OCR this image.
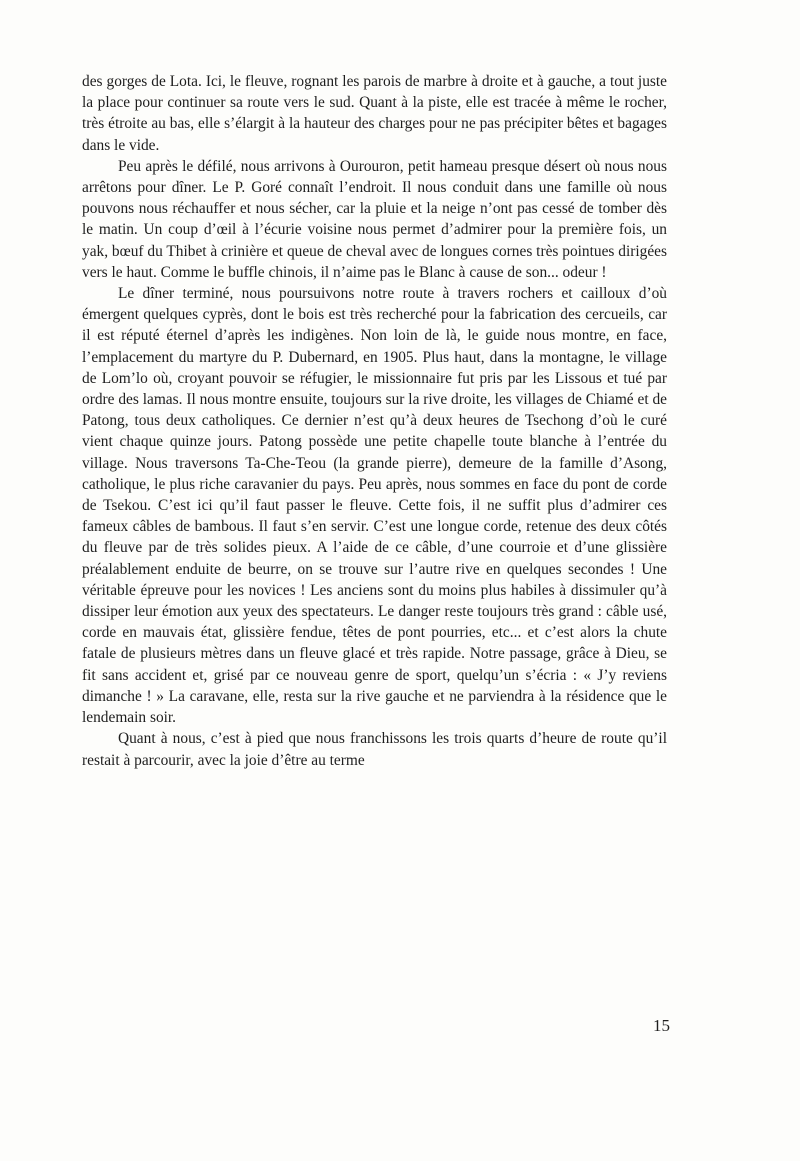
des gorges de Lota. Ici, le fleuve, rognant les parois de marbre à droite et à gauche, a tout juste la place pour continuer sa route vers le sud. Quant à la piste, elle est tracée à même le rocher, très étroite au bas, elle s’élargit à la hauteur des charges pour ne pas précipiter bêtes et bagages dans le vide.

Peu après le défilé, nous arrivons à Ourouron, petit hameau presque désert où nous nous arrêtons pour dîner. Le P. Goré connaît l’endroit. Il nous conduit dans une famille où nous pouvons nous réchauffer et nous sécher, car la pluie et la neige n’ont pas cessé de tomber dès le matin. Un coup d’œil à l’écurie voisine nous permet d’admirer pour la première fois, un yak, bœuf du Thibet à crinière et queue de cheval avec de longues cornes très pointues dirigées vers le haut. Comme le buffle chinois, il n’aime pas le Blanc à cause de son... odeur !

Le dîner terminé, nous poursuivons notre route à travers rochers et cailloux d’où émergent quelques cyprès, dont le bois est très recherché pour la fabrication des cercueils, car il est réputé éternel d’après les indigènes. Non loin de là, le guide nous montre, en face, l’emplacement du martyre du P. Dubernard, en 1905. Plus haut, dans la montagne, le village de Lom’lo où, croyant pouvoir se réfugier, le missionnaire fut pris par les Lissous et tué par ordre des lamas. Il nous montre ensuite, toujours sur la rive droite, les villages de Chiamé et de Patong, tous deux catholiques. Ce dernier n’est qu’à deux heures de Tsechong d’où le curé vient chaque quinze jours. Patong possède une petite chapelle toute blanche à l’entrée du village. Nous traversons Ta-Che-Teou (la grande pierre), demeure de la famille d’Asong, catholique, le plus riche caravanier du pays. Peu après, nous sommes en face du pont de corde de Tsekou. C’est ici qu’il faut passer le fleuve. Cette fois, il ne suffit plus d’admirer ces fameux câbles de bambous. Il faut s’en servir. C’est une longue corde, retenue des deux côtés du fleuve par de très solides pieux. A l’aide de ce câble, d’une courroie et d’une glissière préalablement enduite de beurre, on se trouve sur l’autre rive en quelques secondes ! Une véritable épreuve pour les novices ! Les anciens sont du moins plus habiles à dissimuler qu’à dissiper leur émotion aux yeux des spectateurs. Le danger reste toujours très grand : câble usé, corde en mauvais état, glissière fendue, têtes de pont pourries, etc... et c’est alors la chute fatale de plusieurs mètres dans un fleuve glacé et très rapide. Notre passage, grâce à Dieu, se fit sans accident et, grisé par ce nouveau genre de sport, quelqu’un s’écria : « J’y reviens dimanche ! » La caravane, elle, resta sur la rive gauche et ne parviendra à la résidence que le lendemain soir.

Quant à nous, c’est à pied que nous franchissons les trois quarts d’heure de route qu’il restait à parcourir, avec la joie d’être au terme

15
